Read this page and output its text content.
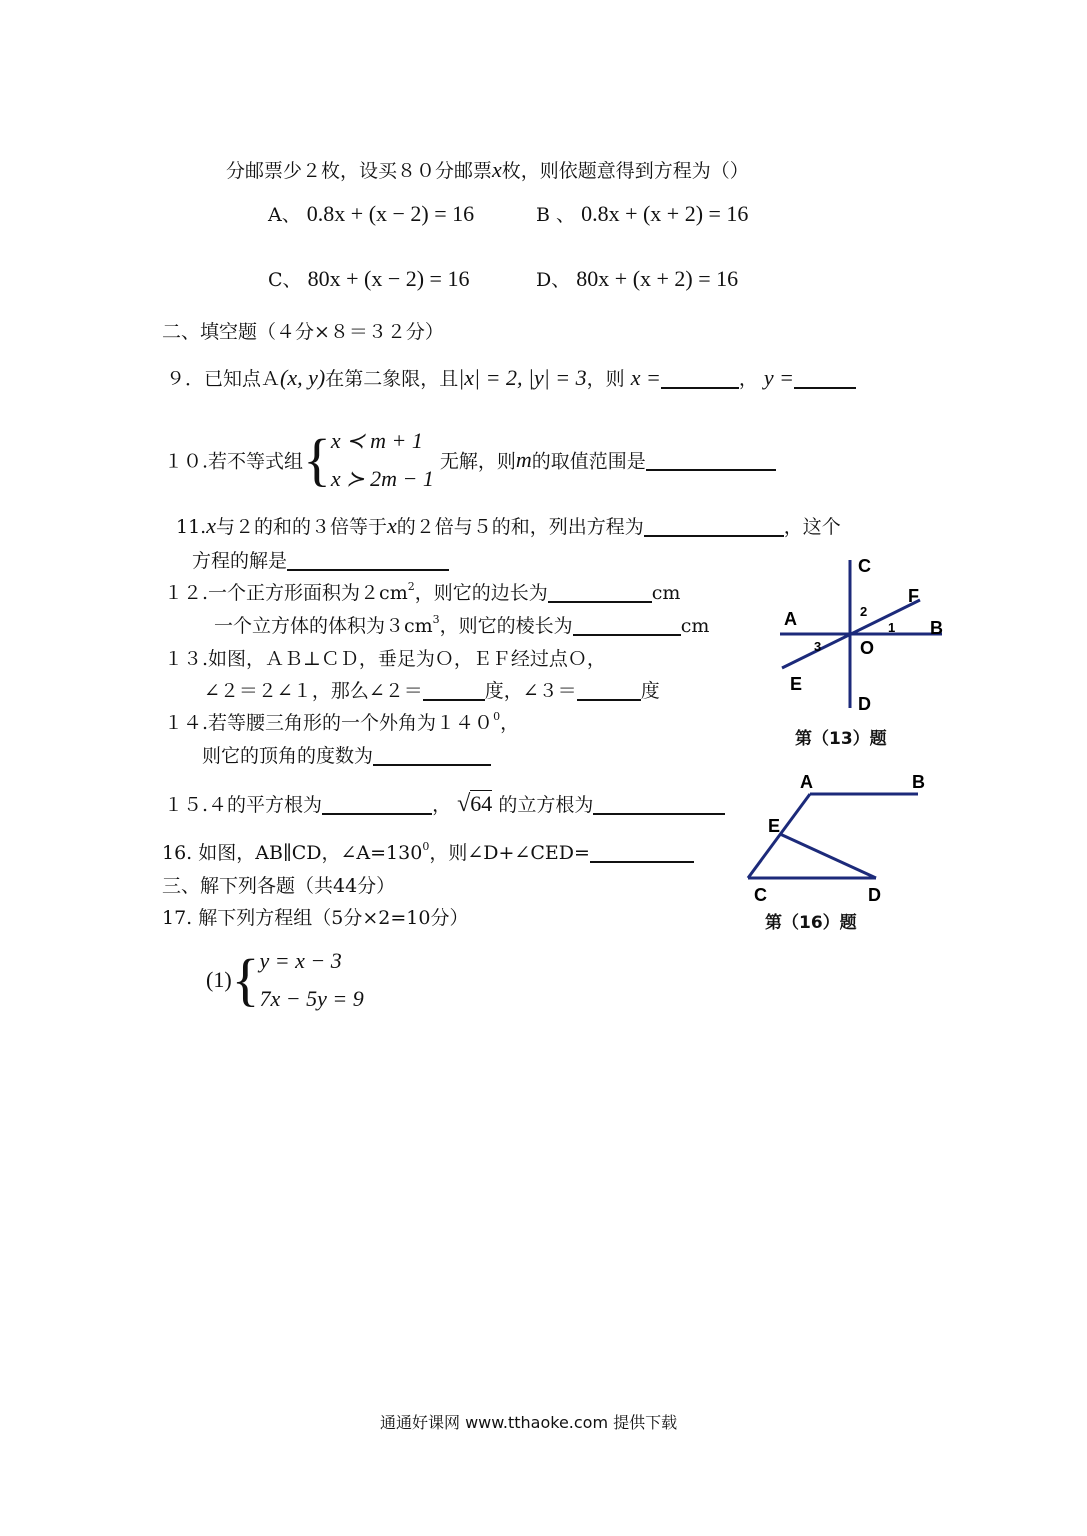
分邮票少２枚，设买８０分邮票x枚，则依题意得到方程为（）
A、 0.8x + (x − 2) = 16	B 、 0.8x + (x + 2) = 16
C、 80x + (x − 2) = 16	D、 80x + (x + 2) = 16
二、填空题（４分×８＝３２分）
９．已知点Ａ(x, y)在第二象限，且|x| = 2, |y| = 3，则 x =	， y =
１０.若不等式组{ x ≺ m + 1
x ≻ 2m − 1
无解，则m的取值范围是
11.x与２的和的３倍等于x的２倍与５的和，列出方程为	，这个
方程的解是
１２.一个正方形面积为$2cm^2$，则它的边长为	cm
一个立方体的体积为$3cm^3$，则它的棱长为	cm
１３.如图，ＡＢ⊥ＣＤ，垂足为Ｏ，ＥＦ经过点Ｏ，
∠２＝２∠１，那么∠２＝	度，∠３＝	度
１４.若等腰三角形的一个外角为$140^0$，
则它的顶角的度数为
１５.４的平方根为	， √64 的立方根为
16. 如图，AB∥CD，$\angle A=130^0$，则∠D+∠CED=
三、解下列各题（共44分）
17. 解下列方程组（5分×2=10分）
(1){ y = x − 3
7x − 5y = 9
C
F
A	B
O
E
D
2
1
3
第（13）题
A	B
E
C	D
第（16）题
通通好课网 www.tthaoke.com 提供下载
